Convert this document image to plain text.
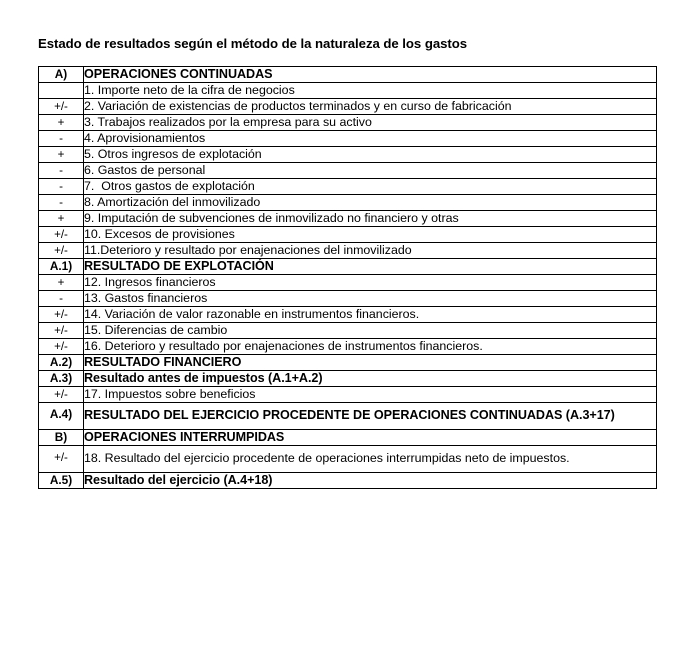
Estado de resultados según el método de la naturaleza de los gastos
A)	OPERACIONES CONTINUADAS
	1. Importe neto de la cifra de negocios
+/-	2. Variación de existencias de productos terminados y en curso de fabricación
+	3. Trabajos realizados por la empresa para su activo
-	4. Aprovisionamientos
+	5. Otros ingresos de explotación
-	6. Gastos de personal
-	7.  Otros gastos de explotación
-	8. Amortización del inmovilizado
+	9. Imputación de subvenciones de inmovilizado no financiero y otras
+/-	10. Excesos de provisiones
+/-	11.Deterioro y resultado por enajenaciones del inmovilizado
A.1)	RESULTADO DE EXPLOTACIÓN
+	12. Ingresos financieros
-	13. Gastos financieros
+/-	14. Variación de valor razonable en instrumentos financieros.
+/-	15. Diferencias de cambio
+/-	16. Deterioro y resultado por enajenaciones de instrumentos financieros.
A.2)	RESULTADO FINANCIERO
A.3)	Resultado antes de impuestos (A.1+A.2)
+/-	17. Impuestos sobre beneficios
A.4)	RESULTADO DEL EJERCICIO PROCEDENTE DE OPERACIONES CONTINUADAS (A.3+17)
B)	OPERACIONES INTERRUMPIDAS
+/-	18. Resultado del ejercicio procedente de operaciones interrumpidas neto de impuestos.
A.5)	Resultado del ejercicio (A.4+18)
